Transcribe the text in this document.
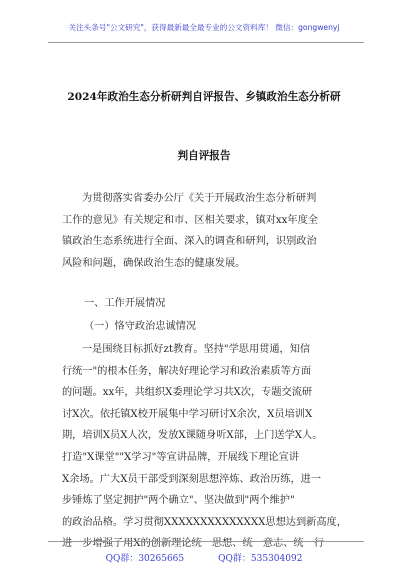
关注头条号"公文研究"，获得最新最全最专业的公文资料库！ 微信：gongwenyj
2024年政治生态分析研判自评报告、乡镇政治生态分析研
判自评报告
为贯彻落实省委办公厅《关于开展政治生态分析研判
工作的意见》有关规定和市、区相关要求，镇对xx年度全
镇政治生态系统进行全面、深入的调查和研判，识别政治
风险和问题，确保政治生态的健康发展。
一、工作开展情况
（一）恪守政治忠诚情况
一是围绕目标抓好zt教育。坚持"学思用贯通，知信
行统一"的根本任务，解决好理论学习和政治素质等方面
的问题。xx年，共组织X委理论学习共X次，专题交流研
讨X次。依托镇X校开展集中学习研讨X余次，X员培训X
期，培训X员X人次，发放X课随身听X部，上门送学X人。
打造"X课堂""X学习"等宣讲品牌，开展线下理论宣讲
X余场。广大X员干部受到深刻思想淬炼、政治历练，进一
步锤炼了坚定拥护"两个确立"、坚决做到"两个维护"
的政治品格。学习贯彻XXXXXXXXXXXXXX思想达到新高度，
进一步增强了用X的创新理论统一思想、统一意志、统一行
QQ群：30265665	QQ群：535304092
